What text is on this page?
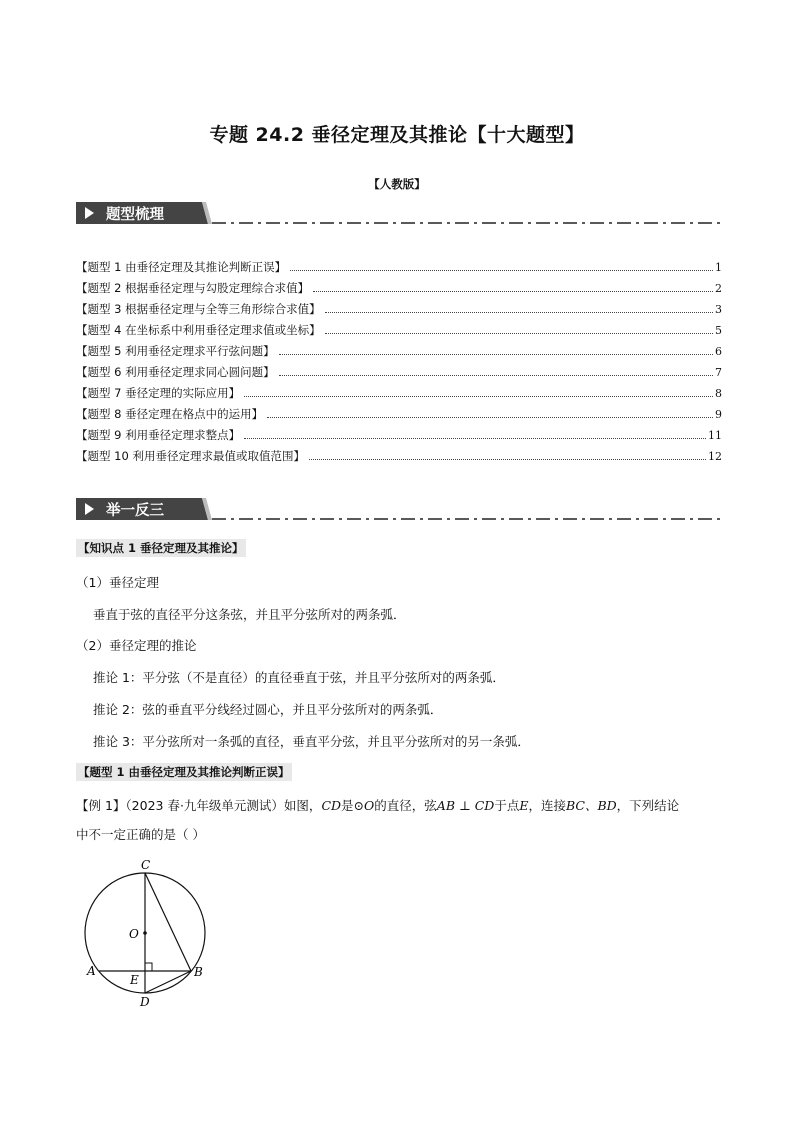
专题 24.2 垂径定理及其推论【十大题型】
【人教版】
题型梳理
【题型 1 由垂径定理及其推论判断正误】	1
【题型 2 根据垂径定理与勾股定理综合求值】	2
【题型 3 根据垂径定理与全等三角形综合求值】	3
【题型 4 在坐标系中利用垂径定理求值或坐标】	5
【题型 5 利用垂径定理求平行弦问题】	6
【题型 6 利用垂径定理求同心圆问题】	7
【题型 7 垂径定理的实际应用】	8
【题型 8 垂径定理在格点中的运用】	9
【题型 9 利用垂径定理求整点】	11
【题型 10 利用垂径定理求最值或取值范围】	12
举一反三
【知识点 1 垂径定理及其推论】
（1）垂径定理
垂直于弦的直径平分这条弦，并且平分弦所对的两条弧．
（2）垂径定理的推论
推论 1：平分弦（不是直径）的直径垂直于弦，并且平分弦所对的两条弧．
推论 2：弦的垂直平分线经过圆心，并且平分弦所对的两条弧．
推论 3：平分弦所对一条弧的直径，垂直平分弦，并且平分弦所对的另一条弧．
【题型 1 由垂径定理及其推论判断正误】
【例 1】（2023 春·九年级单元测试）如图，CD是⊙O的直径，弦AB ⊥ CD于点E，连接BC、BD，下列结论
中不一定正确的是（ ）
C
O
A
E
B
D
